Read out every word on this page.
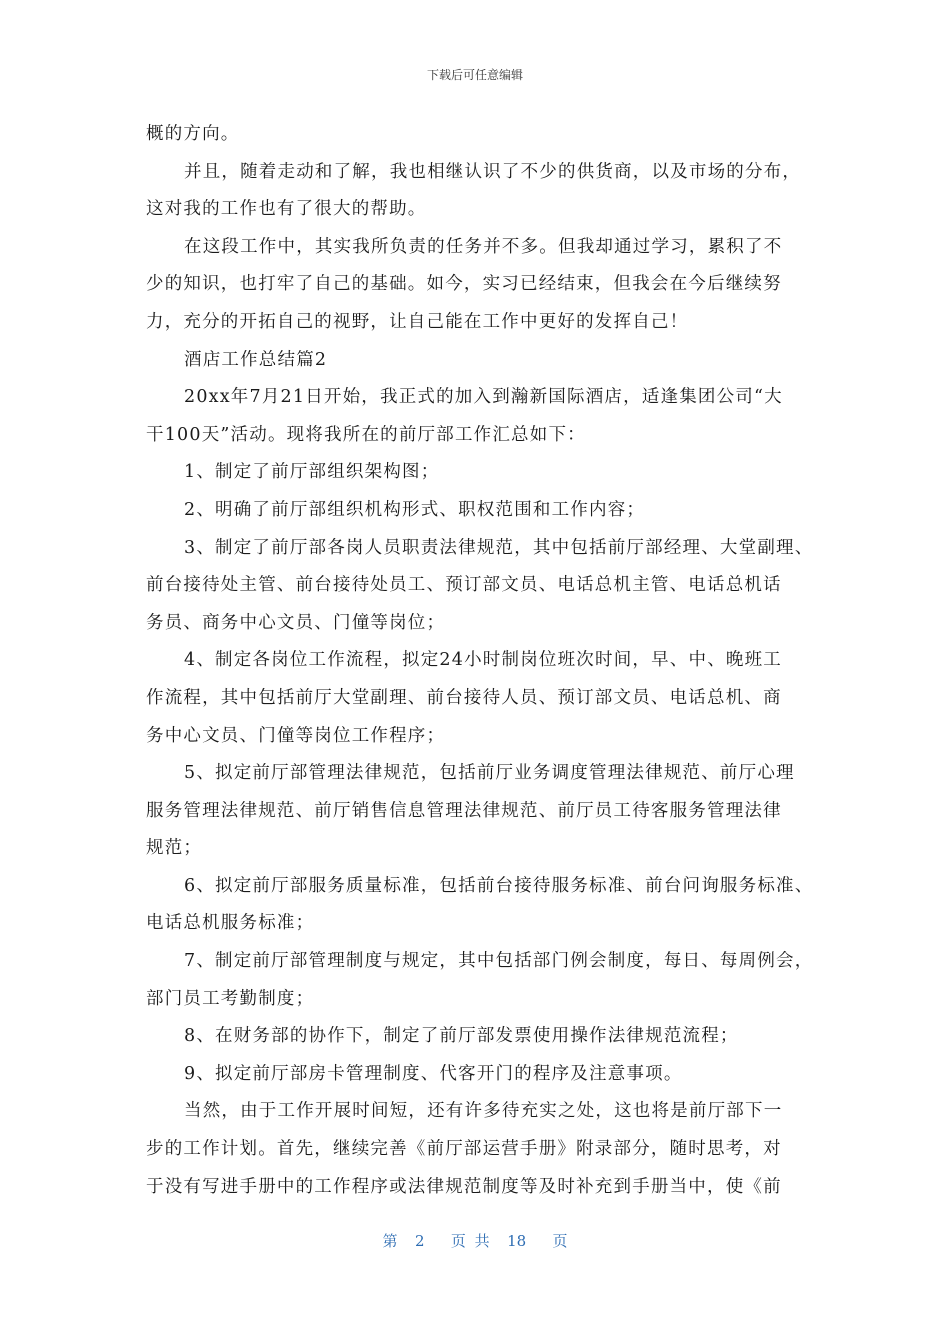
下载后可任意编辑
概的方向。
并且，随着走动和了解，我也相继认识了不少的供货商，以及市场的分布，
这对我的工作也有了很大的帮助。
在这段工作中，其实我所负责的任务并不多。但我却通过学习，累积了不
少的知识，也打牢了自己的基础。如今，实习已经结束，但我会在今后继续努
力，充分的开拓自己的视野，让自己能在工作中更好的发挥自己！
酒店工作总结篇2
20xx年7月21日开始，我正式的加入到瀚新国际酒店，适逢集团公司“大
干100天”活动。现将我所在的前厅部工作汇总如下：
1、制定了前厅部组织架构图；
2、明确了前厅部组织机构形式、职权范围和工作内容；
3、制定了前厅部各岗人员职责法律规范，其中包括前厅部经理、大堂副理、
前台接待处主管、前台接待处员工、预订部文员、电话总机主管、电话总机话
务员、商务中心文员、门僮等岗位；
4、制定各岗位工作流程，拟定24小时制岗位班次时间，早、中、晚班工
作流程，其中包括前厅大堂副理、前台接待人员、预订部文员、电话总机、商
务中心文员、门僮等岗位工作程序；
5、拟定前厅部管理法律规范，包括前厅业务调度管理法律规范、前厅心理
服务管理法律规范、前厅销售信息管理法律规范、前厅员工待客服务管理法律
规范；
6、拟定前厅部服务质量标准，包括前台接待服务标准、前台问询服务标准、
电话总机服务标准；
7、制定前厅部管理制度与规定，其中包括部门例会制度，每日、每周例会，
部门员工考勤制度；
8、在财务部的协作下，制定了前厅部发票使用操作法律规范流程；
9、拟定前厅部房卡管理制度、代客开门的程序及注意事项。
当然，由于工作开展时间短，还有许多待充实之处，这也将是前厅部下一
步的工作计划。首先，继续完善《前厅部运营手册》附录部分，随时思考，对
于没有写进手册中的工作程序或法律规范制度等及时补充到手册当中，使《前
第  2   页 共  18   页
